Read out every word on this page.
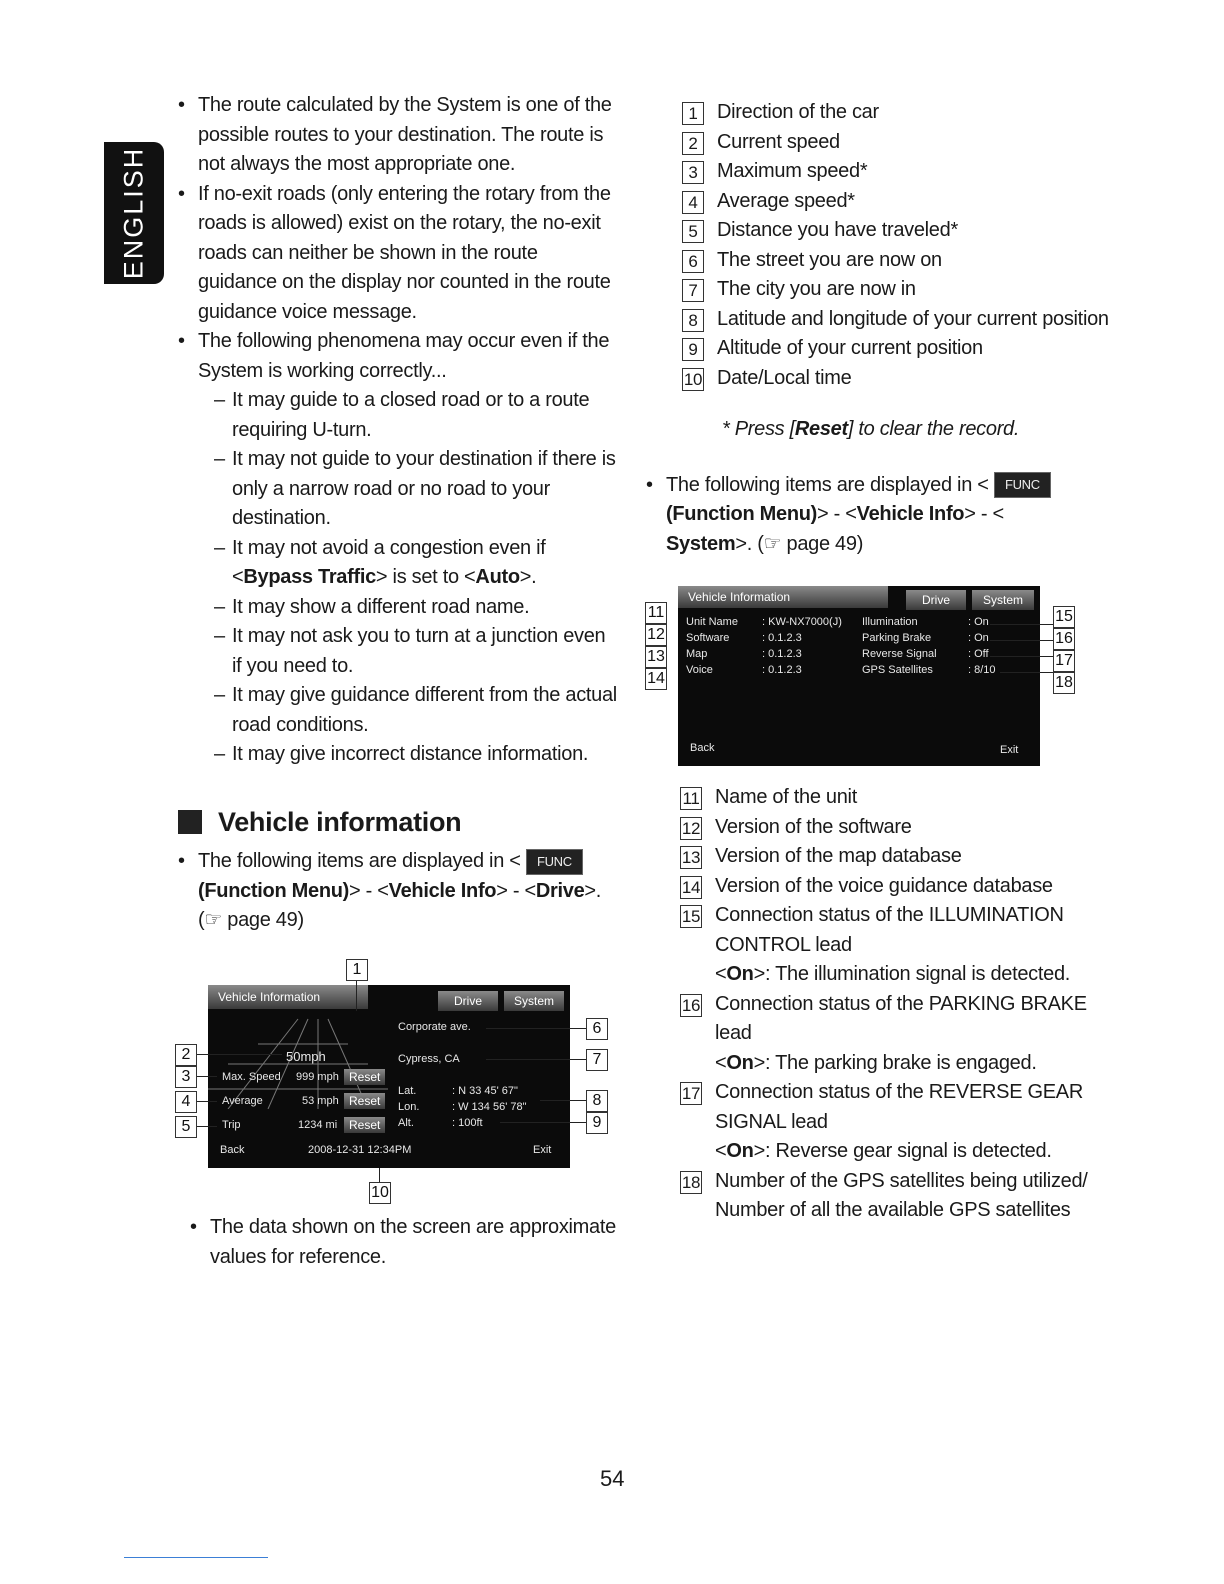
ENGLISH

• The route calculated by the System is one of the possible routes to your destination. The route is not always the most appropriate one.

• If no-exit roads (only entering the rotary from the roads is allowed) exist on the rotary, the no-exit roads can neither be shown in the route guidance on the display nor counted in the route guidance voice message.

• The following phenomena may occur even if the System is working correctly...

– It may guide to a closed road or to a route requiring U-turn.

– It may not guide to your destination if there is only a narrow road or no road to your destination.

– It may not avoid a congestion even if <Bypass Traffic> is set to <Auto>.

– It may show a different road name.

– It may not ask you to turn at a junction even if you need to.

– It may give guidance different from the actual road conditions.

– It may give incorrect distance information.

Vehicle information

• The following items are displayed in < FUNC
(Function Menu)> - <Vehicle Info> - <Drive>.
(☞ page 49)

Vehicle Information	Drive	System
50mph
Max. Speed 999 mph Reset
Average	53 mph Reset
Trip	1234 mi Reset
Corporate ave.
Cypress, CA
Lat.	: N 33 45' 67"
Lon.	: W 134 56' 78"
Alt.	: 100ft
Back	2008-12-31 12:34PM	Exit
1
2
3
4
5
6
7
8
9
10

• The data shown on the screen are approximate values for reference.

1 Direction of the car
2 Current speed
3 Maximum speed*
4 Average speed*
5 Distance you have traveled*
6 The street you are now on
7 The city you are now in
8 Latitude and longitude of your current position
9 Altitude of your current position
10 Date/Local time

* Press [Reset] to clear the record.

• The following items are displayed in < FUNC
(Function Menu)> - <Vehicle Info> - <
System>. (☞ page 49)

Vehicle Information	Drive	System
Unit Name : KW-NX7000(J) Illumination	: On
Software	: 0.1.2.3	Parking Brake	: On
Map	: 0.1.2.3	Reverse Signal	: Off
Voice	: 0.1.2.3	GPS Satellites	: 8/10
Back	Exit
11
12
13
14
15
16
17
18
11 Name of the unit
12 Version of the software
13 Version of the map database
14 Version of the voice guidance database
15 Connection status of the ILLUMINATION CONTROL lead
<On>: The illumination signal is detected.
16 Connection status of the PARKING BRAKE lead
<On>: The parking brake is engaged.
17 Connection status of the REVERSE GEAR SIGNAL lead
<On>: Reverse gear signal is detected.
18 Number of the GPS satellites being utilized/ Number of all the available GPS satellites
54
